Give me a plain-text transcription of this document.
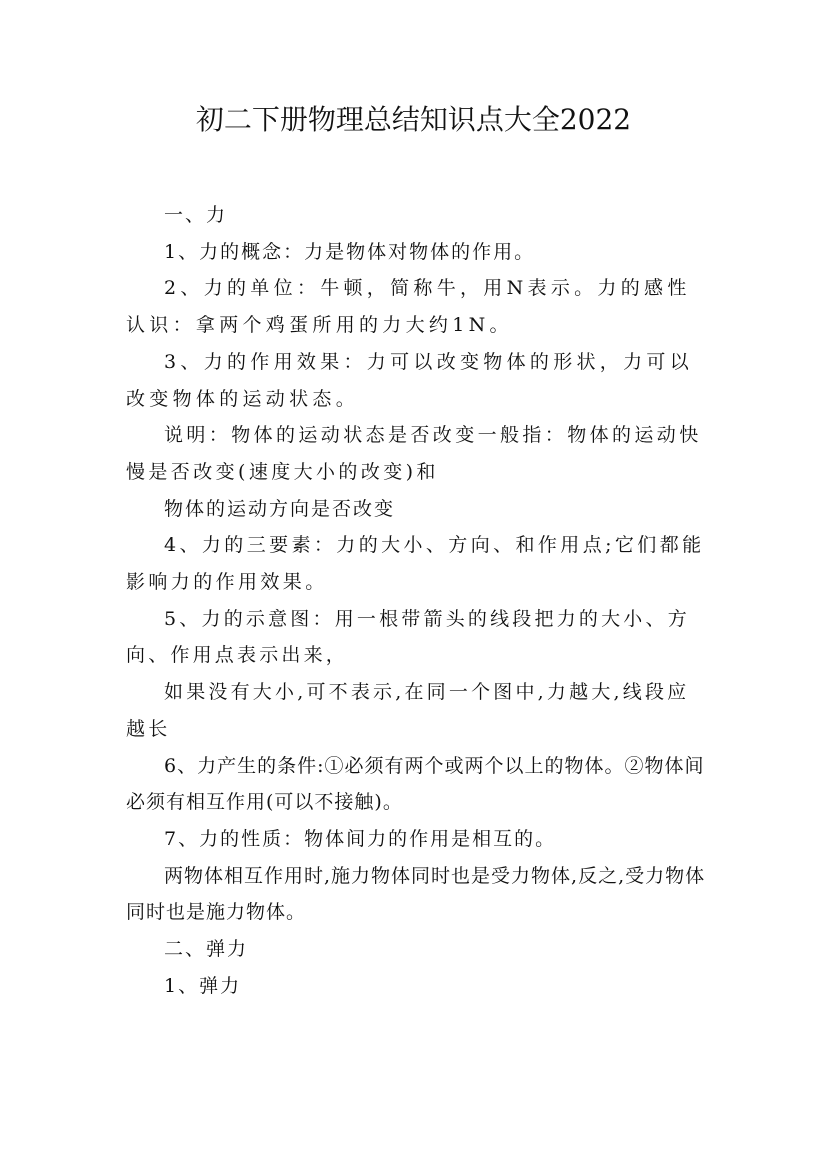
初二下册物理总结知识点大全2022

一、力

1、力的概念：力是物体对物体的作用。

2、力的单位：牛顿，简称牛，用N表示。力的感性认识：拿两个鸡蛋所用的力大约1N。

3、力的作用效果：力可以改变物体的形状，力可以改变物体的运动状态。

说明：物体的运动状态是否改变一般指：物体的运动快慢是否改变(速度大小的改变)和

物体的运动方向是否改变

4、力的三要素：力的大小、方向、和作用点;它们都能影响力的作用效果。

5、力的示意图：用一根带箭头的线段把力的大小、方向、作用点表示出来，

如果没有大小,可不表示,在同一个图中,力越大,线段应越长

6、力产生的条件:①必须有两个或两个以上的物体。②物体间必须有相互作用(可以不接触)。

7、力的性质：物体间力的作用是相互的。

两物体相互作用时,施力物体同时也是受力物体,反之,受力物体同时也是施力物体。

二、弹力

1、弹力
